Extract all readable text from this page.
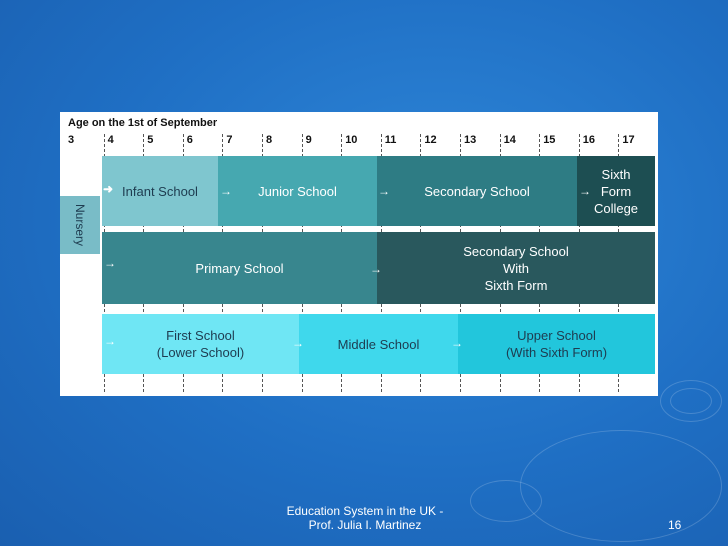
Age on the 1st of September
3	4	5	6	7	8	9	10 11	12 13 14 15 16 17
Nursery
Infant School	Junior School	Secondary School
Sixth
Form
College
Primary School
Secondary School
With
Sixth Form
First School
(Lower School)
Middle School
Upper School
(With Sixth Form)
➜	→	→	→
→	→
→	→	→
Education System in the UK -
Prof. Julia I. Martinez	16
